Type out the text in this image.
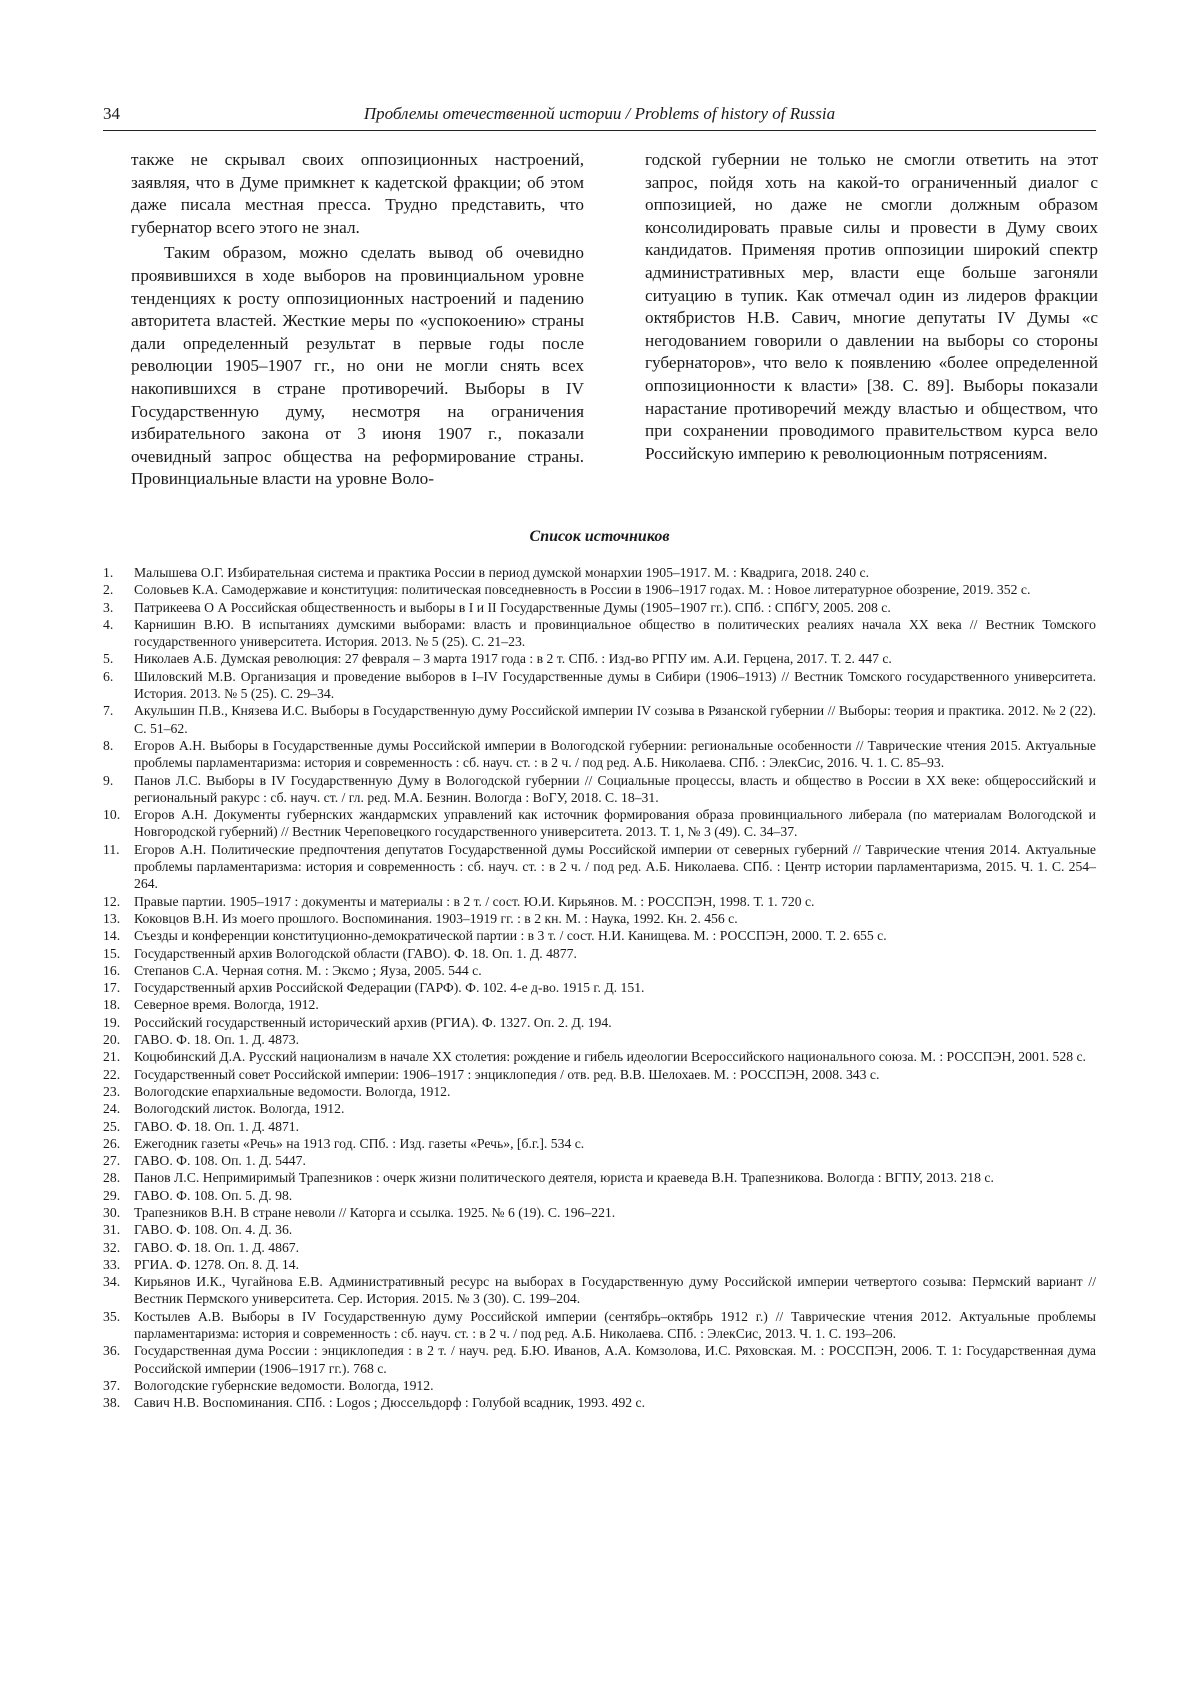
34	Проблемы отечественной истории / Problems of history of Russia

также не скрывал своих оппозиционных настроений, заявляя, что в Думе примкнет к кадетской фракции; об этом даже писала местная пресса. Трудно представить, что губернатор всего этого не знал.

Таким образом, можно сделать вывод об очевидно проявившихся в ходе выборов на провинциальном уровне тенденциях к росту оппозиционных настроений и падению авторитета властей. Жесткие меры по «успокоению» страны дали определенный результат в первые годы после революции 1905–1907 гг., но они не могли снять всех накопившихся в стране противоречий. Выборы в IV Государственную думу, несмотря на ограничения избирательного закона от 3 июня 1907 г., показали очевидный запрос общества на реформирование страны. Провинциальные власти на уровне Воло-

годской губернии не только не смогли ответить на этот запрос, пойдя хоть на какой-то ограниченный диалог с оппозицией, но даже не смогли должным образом консолидировать правые силы и провести в Думу своих кандидатов. Применяя против оппозиции широкий спектр административных мер, власти еще больше загоняли ситуацию в тупик. Как отмечал один из лидеров фракции октябристов Н.В. Савич, многие депутаты IV Думы «с негодованием говорили о давлении на выборы со стороны губернаторов», что вело к появлению «более определенной оппозиционности к власти» [38. С. 89]. Выборы показали нарастание противоречий между властью и обществом, что при сохранении проводимого правительством курса вело Российскую империю к революционным потрясениям.

Список источников
1.	Малышева О.Г. Избирательная система и практика России в период думской монархии 1905–1917. М. : Квадрига, 2018. 240 с.
2.	Соловьев К.А. Самодержавие и конституция: политическая повседневность в России в 1906–1917 годах. М. : Новое литературное обозрение, 2019. 352 с.
3.	Патрикеева О А Российская общественность и выборы в I и II Государственные Думы (1905–1907 гг.). СПб. : СПбГУ, 2005. 208 с.
4.	Карнишин В.Ю. В испытаниях думскими выборами: власть и провинциальное общество в политических реалиях начала XX века // Вестник Томского государственного университета. История. 2013. № 5 (25). С. 21–23.
5.	Николаев А.Б. Думская революция: 27 февраля – 3 марта 1917 года : в 2 т. СПб. : Изд-во РГПУ им. А.И. Герцена, 2017. Т. 2. 447 с.
6.	Шиловский М.В. Организация и проведение выборов в I–IV Государственные думы в Сибири (1906–1913) // Вестник Томского государственного университета. История. 2013. № 5 (25). С. 29–34.
7.	Акульшин П.В., Князева И.С. Выборы в Государственную думу Российской империи IV созыва в Рязанской губернии // Выборы: теория и практика. 2012. № 2 (22). С. 51–62.
8.	Егоров А.Н. Выборы в Государственные думы Российской империи в Вологодской губернии: региональные особенности // Таврические чтения 2015. Актуальные проблемы парламентаризма: история и современность : сб. науч. ст. : в 2 ч. / под ред. А.Б. Николаева. СПб. : ЭлекСис, 2016. Ч. 1. С. 85–93.
9.	Панов Л.С. Выборы в IV Государственную Думу в Вологодской губернии // Социальные процессы, власть и общество в России в XX веке: общероссийский и региональный ракурс : сб. науч. ст. / гл. ред. М.А. Безнин. Вологда : ВоГУ, 2018. С. 18–31.
10.	Егоров А.Н. Документы губернских жандармских управлений как источник формирования образа провинциального либерала (по материалам Вологодской и Новгородской губерний) // Вестник Череповецкого государственного университета. 2013. Т. 1, № 3 (49). С. 34–37.
11.	Егоров А.Н. Политические предпочтения депутатов Государственной думы Российской империи от северных губерний // Таврические чтения 2014. Актуальные проблемы парламентаризма: история и современность : сб. науч. ст. : в 2 ч. / под ред. А.Б. Николаева. СПб. : Центр истории парламентаризма, 2015. Ч. 1. С. 254–264.
12.	Правые партии. 1905–1917 : документы и материалы : в 2 т. / сост. Ю.И. Кирьянов. М. : РОССПЭН, 1998. Т. 1. 720 с.
13.	Коковцов В.Н. Из моего прошлого. Воспоминания. 1903–1919 гг. : в 2 кн. М. : Наука, 1992. Кн. 2. 456 с.
14.	Съезды и конференции конституционно-демократической партии : в 3 т. / сост. Н.И. Канищева. М. : РОССПЭН, 2000. Т. 2. 655 с.
15.	Государственный архив Вологодской области (ГАВО). Ф. 18. Оп. 1. Д. 4877.
16.	Степанов С.А. Черная сотня. М. : Эксмо ; Яуза, 2005. 544 с.
17.	Государственный архив Российской Федерации (ГАРФ). Ф. 102. 4-е д-во. 1915 г. Д. 151.
18.	Северное время. Вологда, 1912.
19.	Российский государственный исторический архив (РГИА). Ф. 1327. Оп. 2. Д. 194.
20.	ГАВО. Ф. 18. Оп. 1. Д. 4873.
21.	Коцюбинский Д.А. Русский национализм в начале XX столетия: рождение и гибель идеологии Всероссийского национального союза. М. : РОССПЭН, 2001. 528 с.
22.	Государственный совет Российской империи: 1906–1917 : энциклопедия / отв. ред. В.В. Шелохаев. М. : РОССПЭН, 2008. 343 с.
23.	Вологодские епархиальные ведомости. Вологда, 1912.
24.	Вологодский листок. Вологда, 1912.
25.	ГАВО. Ф. 18. Оп. 1. Д. 4871.
26.	Ежегодник газеты «Речь» на 1913 год. СПб. : Изд. газеты «Речь», [б.г.]. 534 с.
27.	ГАВО. Ф. 108. Оп. 1. Д. 5447.
28.	Панов Л.С. Непримиримый Трапезников : очерк жизни политического деятеля, юриста и краеведа В.Н. Трапезникова. Вологда : ВГПУ, 2013. 218 с.
29.	ГАВО. Ф. 108. Оп. 5. Д. 98.
30.	Трапезников В.Н. В стране неволи // Каторга и ссылка. 1925. № 6 (19). С. 196–221.
31.	ГАВО. Ф. 108. Оп. 4. Д. 36.
32.	ГАВО. Ф. 18. Оп. 1. Д. 4867.
33.	РГИА. Ф. 1278. Оп. 8. Д. 14.
34.	Кирьянов И.К., Чугайнова Е.В. Административный ресурс на выборах в Государственную думу Российской империи четвертого созыва: Пермский вариант // Вестник Пермского университета. Сер. История. 2015. № 3 (30). С. 199–204.
35.	Костылев А.В. Выборы в IV Государственную думу Российской империи (сентябрь–октябрь 1912 г.) // Таврические чтения 2012. Актуальные проблемы парламентаризма: история и современность : сб. науч. ст. : в 2 ч. / под ред. А.Б. Николаева. СПб. : ЭлекСис, 2013. Ч. 1. С. 193–206.
36.	Государственная дума России : энциклопедия : в 2 т. / науч. ред. Б.Ю. Иванов, А.А. Комзолова, И.С. Ряховская. М. : РОССПЭН, 2006. Т. 1: Государственная дума Российской империи (1906–1917 гг.). 768 с.
37.	Вологодские губернские ведомости. Вологда, 1912.
38.	Савич Н.В. Воспоминания. СПб. : Logos ; Дюссельдорф : Голубой всадник, 1993. 492 с.
